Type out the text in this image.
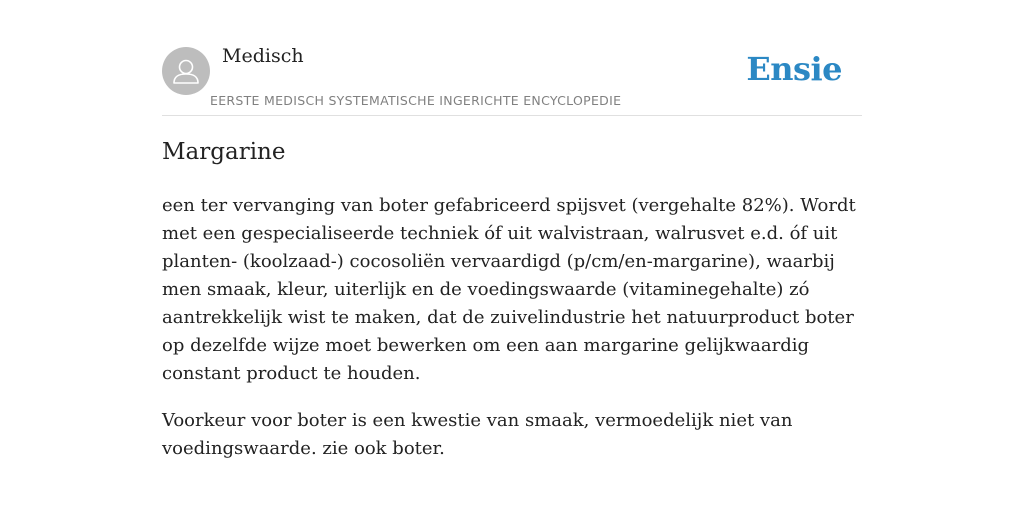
Medisch
EERSTE MEDISCH SYSTEMATISCHE INGERICHTE ENCYCLOPEDIE
Ensie
Margarine

een ter vervanging van boter gefabriceerd spijsvet (vergehalte 82%). Wordt met een gespecialiseerde techniek óf uit walvistraan, walrusvet e.d. óf uit planten- (koolzaad-) cocosoliën vervaardigd (p/cm/en-margarine), waarbij men smaak, kleur, uiterlijk en de voedingswaarde (vitaminegehalte) zó aantrekkelijk wist te maken, dat de zuivelindustrie het natuurproduct boter op dezelfde wijze moet bewerken om een aan margarine gelijkwaardig constant product te houden.

Voorkeur voor boter is een kwestie van smaak, vermoedelijk niet van voedingswaarde. zie ook boter.
